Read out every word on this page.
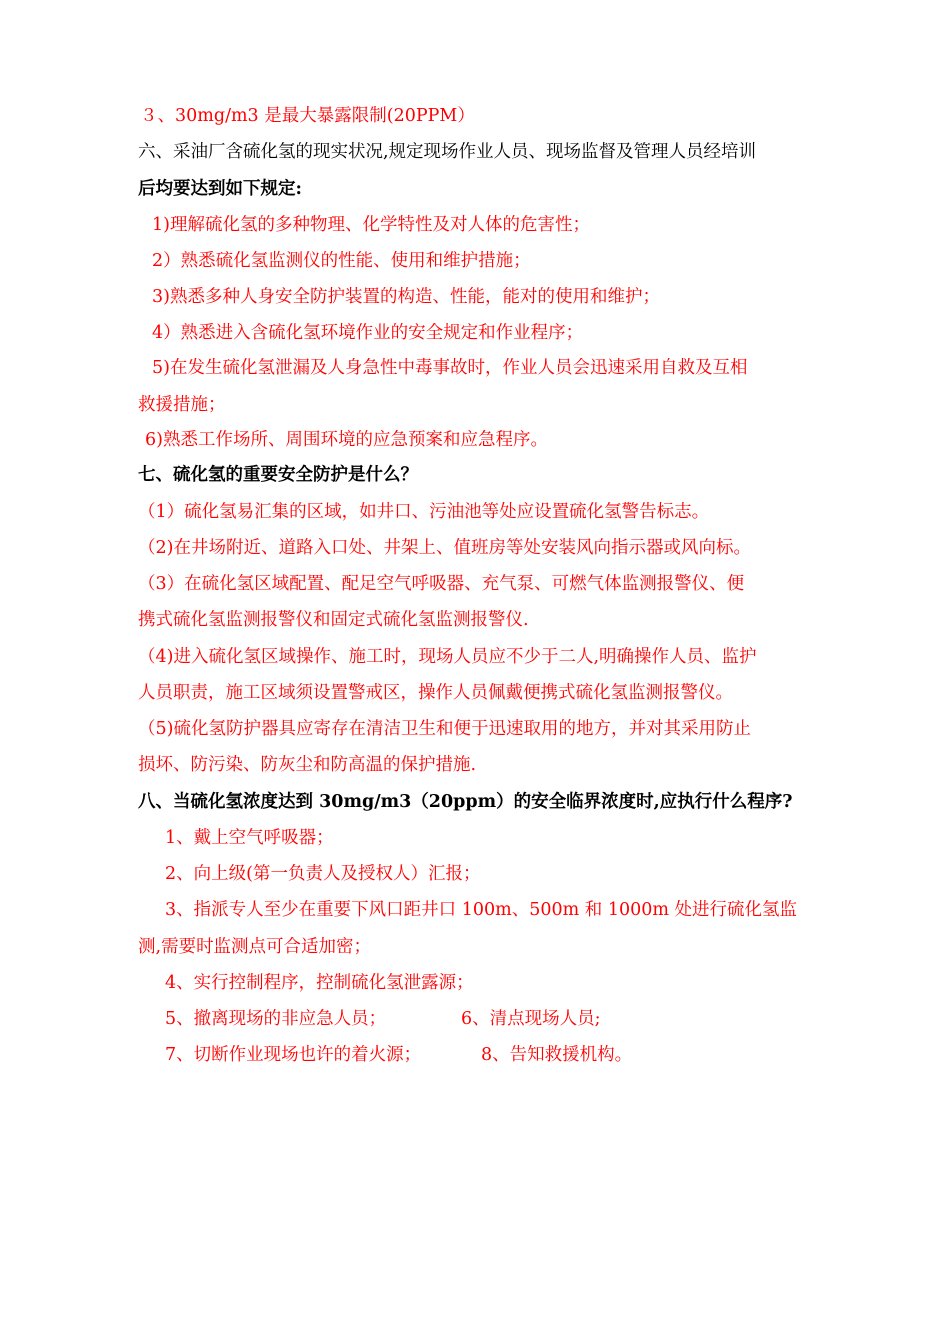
３、30mg/m3 是最大暴露限制(20PPM）
六、采油厂含硫化氢的现实状况,规定现场作业人员、现场监督及管理人员经培训
后均要达到如下规定:
1)理解硫化氢的多种物理、化学特性及对人体的危害性；
2）熟悉硫化氢监测仪的性能、使用和维护措施；
3)熟悉多种人身安全防护装置的构造、性能，能对的使用和维护；
4）熟悉进入含硫化氢环境作业的安全规定和作业程序；
5)在发生硫化氢泄漏及人身急性中毒事故时，作业人员会迅速采用自救及互相
救援措施；
6)熟悉工作场所、周围环境的应急预案和应急程序。
七、硫化氢的重要安全防护是什么？
（1）硫化氢易汇集的区域，如井口、污油池等处应设置硫化氢警告标志。
（2)在井场附近、道路入口处、井架上、值班房等处安装风向指示器或风向标。
（3）在硫化氢区域配置、配足空气呼吸器、充气泵、可燃气体监测报警仪、便
携式硫化氢监测报警仪和固定式硫化氢监测报警仪.
（4)进入硫化氢区域操作、施工时，现场人员应不少于二人,明确操作人员、监护
人员职责，施工区域须设置警戒区，操作人员佩戴便携式硫化氢监测报警仪。
（5)硫化氢防护器具应寄存在清洁卫生和便于迅速取用的地方，并对其采用防止
损坏、防污染、防灰尘和防高温的保护措施.
八、当硫化氢浓度达到 30mg/m3（20ppm）的安全临界浓度时,应执行什么程序?
1、戴上空气呼吸器；
2、向上级(第一负责人及授权人）汇报；
3、指派专人至少在重要下风口距井口 100m、500m 和 1000m 处进行硫化氢监
测,需要时监测点可合适加密；
4、实行控制程序，控制硫化氢泄露源；
5、撤离现场的非应急人员；	6、清点现场人员;
7、切断作业现场也许的着火源；	8、告知救援机构。
